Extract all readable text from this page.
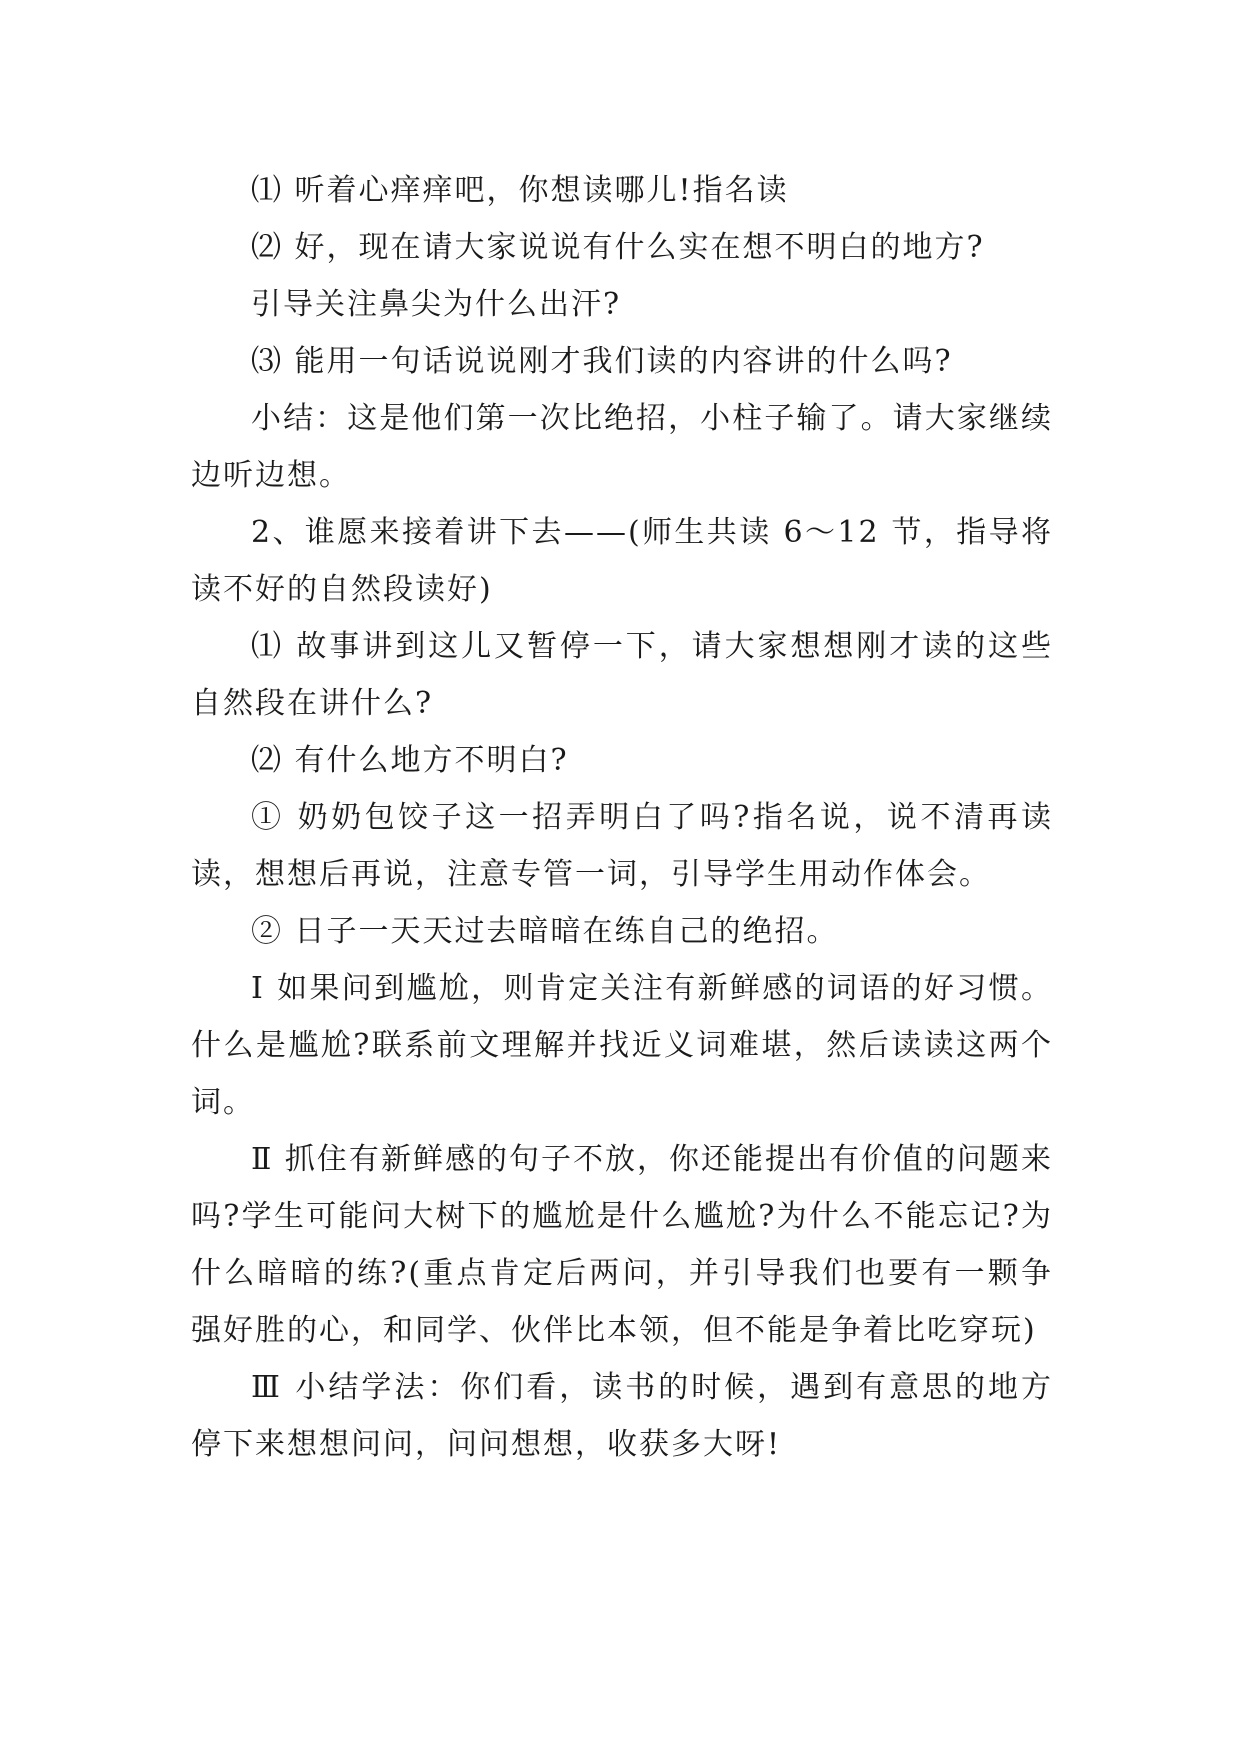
⑴ 听着心痒痒吧，你想读哪儿!指名读

⑵ 好，现在请大家说说有什么实在想不明白的地方?

引导关注鼻尖为什么出汗?

⑶ 能用一句话说说刚才我们读的内容讲的什么吗?

小结：这是他们第一次比绝招，小柱子输了。请大家继续边听边想。

2、谁愿来接着讲下去——(师生共读 6～12 节，指导将读不好的自然段读好)

⑴ 故事讲到这儿又暂停一下，请大家想想刚才读的这些自然段在讲什么?

⑵ 有什么地方不明白?

① 奶奶包饺子这一招弄明白了吗?指名说，说不清再读读，想想后再说，注意专管一词，引导学生用动作体会。

② 日子一天天过去暗暗在练自己的绝招。

Ⅰ 如果问到尴尬，则肯定关注有新鲜感的词语的好习惯。什么是尴尬?联系前文理解并找近义词难堪，然后读读这两个词。

Ⅱ 抓住有新鲜感的句子不放，你还能提出有价值的问题来吗?学生可能问大树下的尴尬是什么尴尬?为什么不能忘记?为什么暗暗的练?(重点肯定后两问，并引导我们也要有一颗争强好胜的心，和同学、伙伴比本领，但不能是争着比吃穿玩)

Ⅲ 小结学法：你们看，读书的时候，遇到有意思的地方停下来想想问问，问问想想，收获多大呀!
